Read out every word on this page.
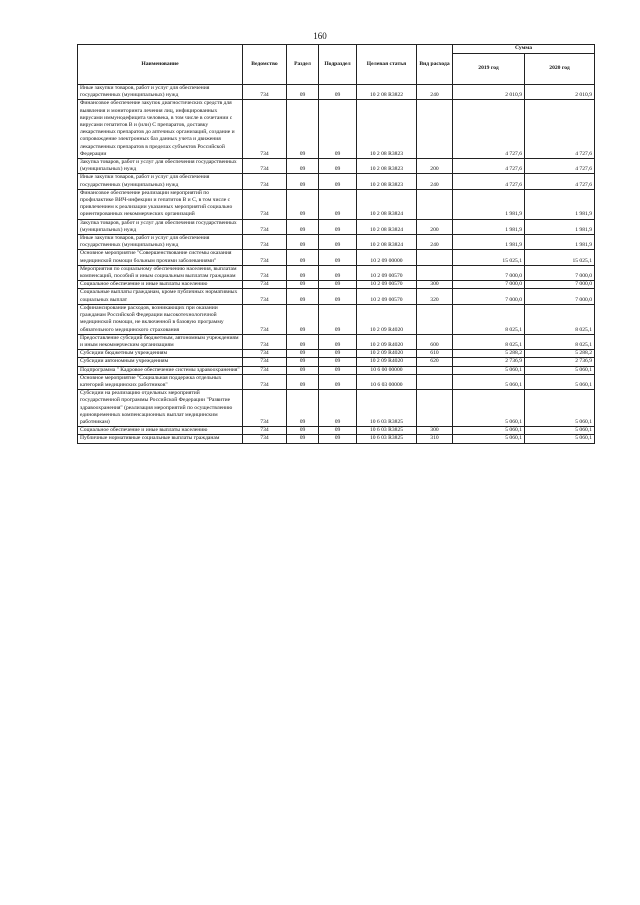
160
Наименование	Ведомство	Раздел	Подраздел	Целевая статья	Вид расхода	Сумма	
						2019 год	2020 год
Иные закупки товаров, работ и услуг для обеспечения государственных (муниципальных) нужд	734	09	09	10 2 08 R3822	240	2 010,9	2 010,9
Финансовое обеспечение закупок диагностических средств для выявления и мониторинга лечения лиц, инфицированных вирусами иммунодефицита человека, в том числе в сочетании с вирусами гепатитов В и (или) С препаратов, доставку лекарственных препаратов до аптечных организаций, создание и сопровождение электронных баз данных учета и движения лекарственных препаратов в пределах субъектов Российской Федерации	734	09	09	10 2 08 R3823		4 727,6	4 727,6
Закупка товаров, работ и услуг для обеспечения государственных (муниципальных) нужд	734	09	09	10 2 08 R3823	200	4 727,6	4 727,6
Иные закупки товаров, работ и услуг для обеспечения государственных (муниципальных) нужд	734	09	09	10 2 08 R3823	240	4 727,6	4 727,6
Финансовое обеспечение реализации мероприятий по профилактике ВИЧ-инфекции и гепатитов В и С, в том числе с привлечением к реализации указанных мероприятий социально ориентированных некоммерческих организаций	734	09	09	10 2 08 R3824		1 981,9	1 981,9
Закупка товаров, работ и услуг для обеспечения государственных (муниципальных) нужд	734	09	09	10 2 08 R3824	200	1 981,9	1 981,9
Иные закупки товаров, работ и услуг для обеспечения государственных (муниципальных) нужд	734	09	09	10 2 08 R3824	240	1 981,9	1 981,9
Основное мероприятие "Совершенствование системы оказания медицинской помощи больным прочими заболеваниями"	734	09	09	10 2 09 00000		15 025,1	15 025,1
Мероприятия по социальному обеспечению населения, выплатам компенсаций, пособий и иным социальным выплатам гражданам	734	09	09	10 2 09 00570		7 000,0	7 000,0
Социальное обеспечение и иные выплаты населению	734	09	09	10 2 09 00570	300	7 000,0	7 000,0
Социальные выплаты гражданам, кроме публичных нормативных социальных выплат	734	09	09	10 2 09 00570	320	7 000,0	7 000,0
Софинансирование расходов, возникающих при оказании гражданам Российской Федерации высокотехнологичной медицинской помощи, не включенной в базовую программу обязательного медицинского страхования	734	09	09	10 2 09 R4020		8 025,1	8 025,1
Предоставление субсидий бюджетным, автономным учреждениям и иным некоммерческим организациям	734	09	09	10 2 09 R4020	600	8 025,1	8 025,1
Субсидии бюджетным учреждениям	734	09	09	10 2 09 R4020	610	5 288,2	5 288,2
Субсидии автономным учреждениям	734	09	09	10 2 09 R4020	620	2 736,9	2 736,9
Подпрограмма " Кадровое обеспечение системы здравоохранения"	734	09	09	10 6 00 00000		5 060,1	5 060,1
Основное мероприятие "Социальная поддержка отдельных категорий медицинских работников"	734	09	09	10 6 03 00000		5 060,1	5 060,1
Субсидии на реализацию отдельных мероприятий государственной программы Российской Федерации "Развитие здравоохранения" (реализация мероприятий по осуществлению единовременных компенсационных выплат медицинским работникам)	734	09	09	10 6 03 R3825		5 060,1	5 060,1
Социальное обеспечение и иные выплаты населению	734	09	09	10 6 03 R3825	300	5 060,1	5 060,1
Публичные нормативные социальные выплаты гражданам	734	09	09	10 6 03 R3825	310	5 060,1	5 060,1
